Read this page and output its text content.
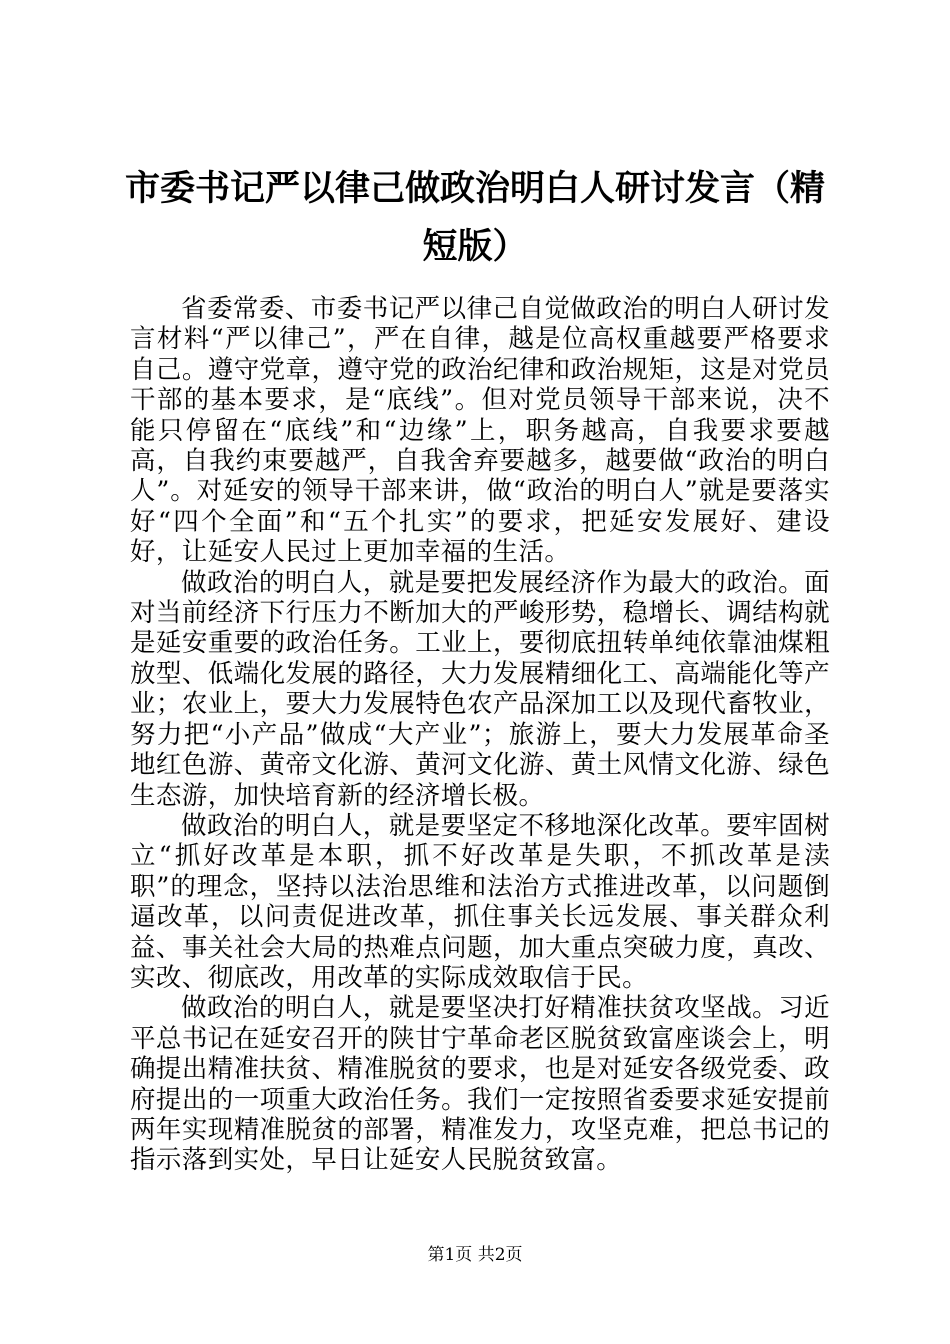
市委书记严以律己做政治明白人研讨发言（精短版）

省委常委、市委书记严以律己自觉做政治的明白人研讨发言材料“严以律己”，严在自律，越是位高权重越要严格要求自己。遵守党章，遵守党的政治纪律和政治规矩，这是对党员干部的基本要求，是“底线”。但对党员领导干部来说，决不能只停留在“底线”和“边缘”上，职务越高，自我要求要越高，自我约束要越严，自我舍弃要越多，越要做“政治的明白人”。对延安的领导干部来讲，做“政治的明白人”就是要落实好“四个全面”和“五个扎实”的要求，把延安发展好、建设好，让延安人民过上更加幸福的生活。

做政治的明白人，就是要把发展经济作为最大的政治。面对当前经济下行压力不断加大的严峻形势，稳增长、调结构就是延安重要的政治任务。工业上，要彻底扭转单纯依靠油煤粗放型、低端化发展的路径，大力发展精细化工、高端能化等产业；农业上，要大力发展特色农产品深加工以及现代畜牧业，努力把“小产品”做成“大产业”；旅游上，要大力发展革命圣地红色游、黄帝文化游、黄河文化游、黄土风情文化游、绿色生态游，加快培育新的经济增长极。

做政治的明白人，就是要坚定不移地深化改革。要牢固树立“抓好改革是本职，抓不好改革是失职，不抓改革是渎职”的理念，坚持以法治思维和法治方式推进改革，以问题倒逼改革，以问责促进改革，抓住事关长远发展、事关群众利益、事关社会大局的热难点问题，加大重点突破力度，真改、实改、彻底改，用改革的实际成效取信于民。

做政治的明白人，就是要坚决打好精准扶贫攻坚战。习近平总书记在延安召开的陕甘宁革命老区脱贫致富座谈会上，明确提出精准扶贫、精准脱贫的要求，也是对延安各级党委、政府提出的一项重大政治任务。我们一定按照省委要求延安提前两年实现精准脱贫的部署，精准发力，攻坚克难，把总书记的指示落到实处，早日让延安人民脱贫致富。

第1页 共2页
